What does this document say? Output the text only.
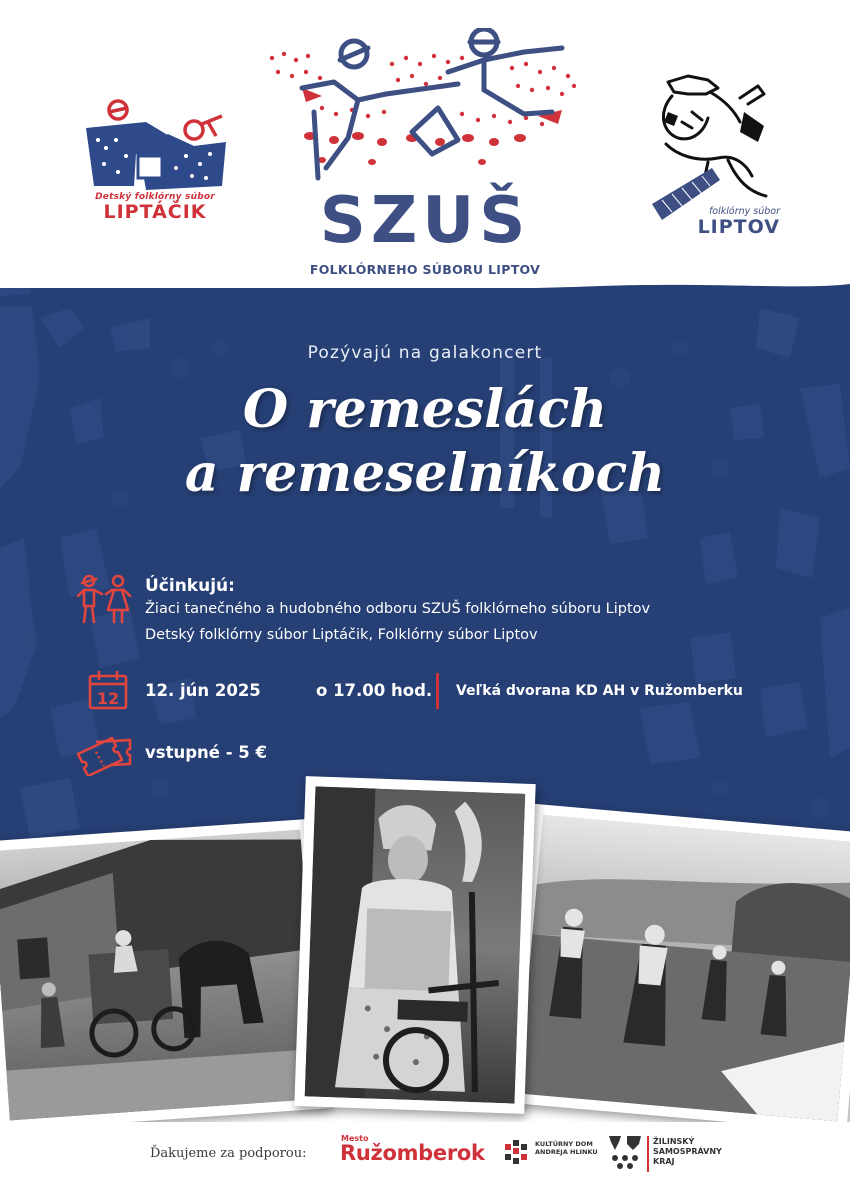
Detský folklórny súbor
LIPTÁČIK	SZUŠ
FOLKLÓRNEHO SÚBORU LIPTOV
folklórny súbor
LIPTOV
Pozývajú na galakoncert
O remeslách
a remeselníkoch
Účinkujú:
Žiaci tanečného a hudobného odboru SZUŠ folklórneho súboru Liptov
Detský folklórny súbor Liptáčik, Folklórny súbor Liptov
12 12. jún 2025	o 17.00 hod. Veľká dvorana KD AH v Ružomberku
vstupné - 5 €
Ďakujeme za podporou:
Mesto
Ružomberok	KULTÚRNY DOM
ANDREJA HLINKU
ŽILINSKÝ
SAMOSPRÁVNY
KRAJ
